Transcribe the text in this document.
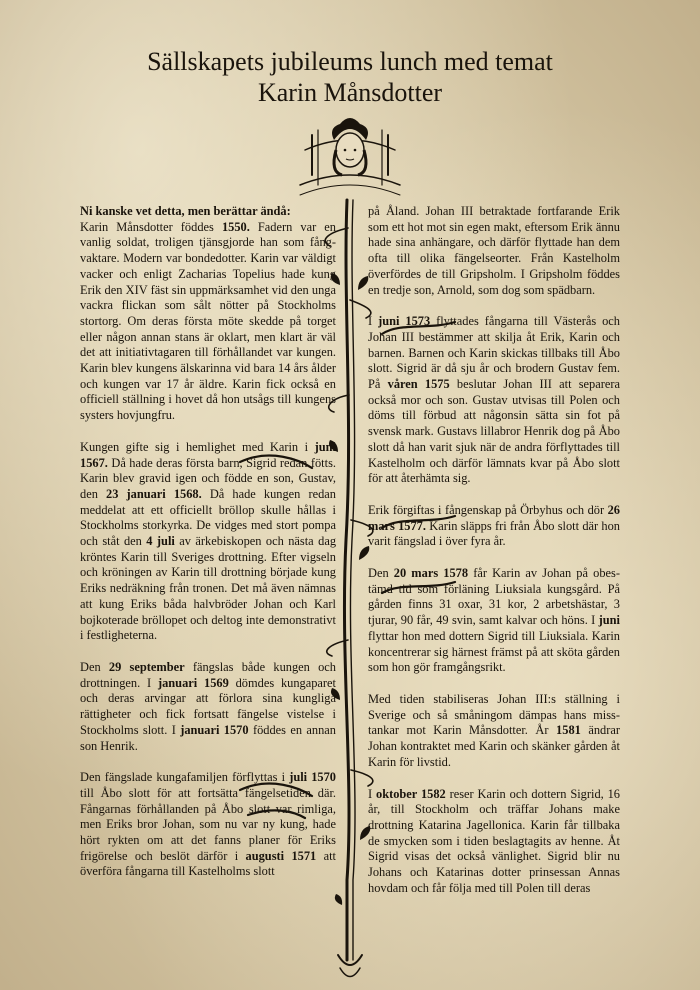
Sällskapets jubileums lunch med temat
Karin Månsdotter
Ni kanske vet detta, men berättar ändå:

Karin Månsdotter föddes 1550. Fadern var en vanlig soldat, troligen tjänsgjorde han som fångvaktare. Modern var bondedotter. Karin var väldigt vacker och enligt Zacharias Topelius hade kung Erik den XIV fäst sin uppmärksamhet vid den unga vackra flickan som sålt nötter på Stockholms stortorg. Om deras första möte skedde på torget eller någon annan stans är oklart, men klart är väl det att initiativtagaren till förhållandet var kungen. Karin blev kungens älskarinna vid bara 14 års ålder och kungen var 17 år äldre. Karin fick också en officiell ställning i hovet då hon utsågs till kungens systers hovjungfru.

Kungen gifte sig i hemlighet med Karin i juni 1567. Då hade deras första barn, Sigrid redan fötts. Karin blev gravid igen och födde en son, Gustav, den 23 januari 1568. Då hade kungen redan meddelat att ett officiellt bröllop skulle hållas i Stockholms storkyrka. De vidges med stort pompa och ståt den 4 juli av ärkebiskopen och nästa dag kröntes Karin till Sveriges drottning. Efter vigseln och kröningen av Karin till drottning började kung Eriks nedräkning från tronen. Det må även nämnas att kung Eriks båda halvbröder Johan och Karl bojkoterade bröllopet och deltog inte demonstrativt i festligheterna.

Den 29 september fängslas både kungen och drottningen. I januari 1569 dömdes kungaparet och deras arvingar att förlora sina kungliga rättigheter och fick fortsatt fängelse vistelse i Stockholms slott. I januari 1570 föddes en annan son Henrik.

Den fängslade kungafamiljen förflyttas i juli 1570 till Åbo slott för att fortsätta fängelsetiden där. Fångarnas förhållanden på Åbo slott var rimliga, men Eriks bror Johan, som nu var ny kung, hade hört rykten om att det fanns planer för Eriks frigörelse och beslöt därför i augusti 1571 att överföra fångarna till Kastelholms slott

på Åland. Johan III betraktade fortfarande Erik som ett hot mot sin egen makt, eftersom Erik ännu hade sina anhängare, och därför flyttade han dem ofta till olika fängelseorter. Från Kastelholm överfördes de till Gripsholm. I Gripsholm föddes en tredje son, Arnold, som dog som spädbarn.

I juni 1573 flyttades fångarna till Västerås och Johan III bestämmer att skilja åt Erik, Karin och barnen. Barnen och Karin skickas tillbaks till Åbo slott. Sigrid är då sju år och brodern Gustav fem. På våren 1575 beslutar Johan III att separera också mor och son. Gustav utvisas till Polen och döms till förbud att någonsin sätta sin fot på svensk mark. Gustavs lillabror Henrik dog på Åbo slott då han varit sjuk när de andra förflyttades till Kastelholm och därför lämnats kvar på Åbo slott för att återhämta sig.

Erik förgiftas i fångenskap på Örbyhus och dör 26 mars 1577. Karin släpps fri från Åbo slott där hon varit fängslad i över fyra år.

Den 20 mars 1578 får Karin av Johan på obestämd tid som förläning Liuksiala kungsgård. På gården finns 31 oxar, 31 kor, 2 arbetshästar, 3 tjurar, 90 får, 49 svin, samt kalvar och höns. I juni flyttar hon med dottern Sigrid till Liuksiala. Karin koncentrerar sig härnest främst på att sköta gården som hon gör framgångsrikt.

Med tiden stabiliseras Johan III:s ställning i Sverige och så småningom dämpas hans misstankar mot Karin Månsdotter. År 1581 ändrar Johan kontraktet med Karin och skänker gården åt Karin för livstid.

I oktober 1582 reser Karin och dottern Sigrid, 16 år, till Stockholm och träffar Johans make drottning Katarina Jagellonica. Karin får tillbaka de smycken som i tiden beslagtagits av henne. Åt Sigrid visas det också vänlighet. Sigrid blir nu Johans och Katarinas dotter prinsessan Annas hovdam och får följa med till Polen till deras
